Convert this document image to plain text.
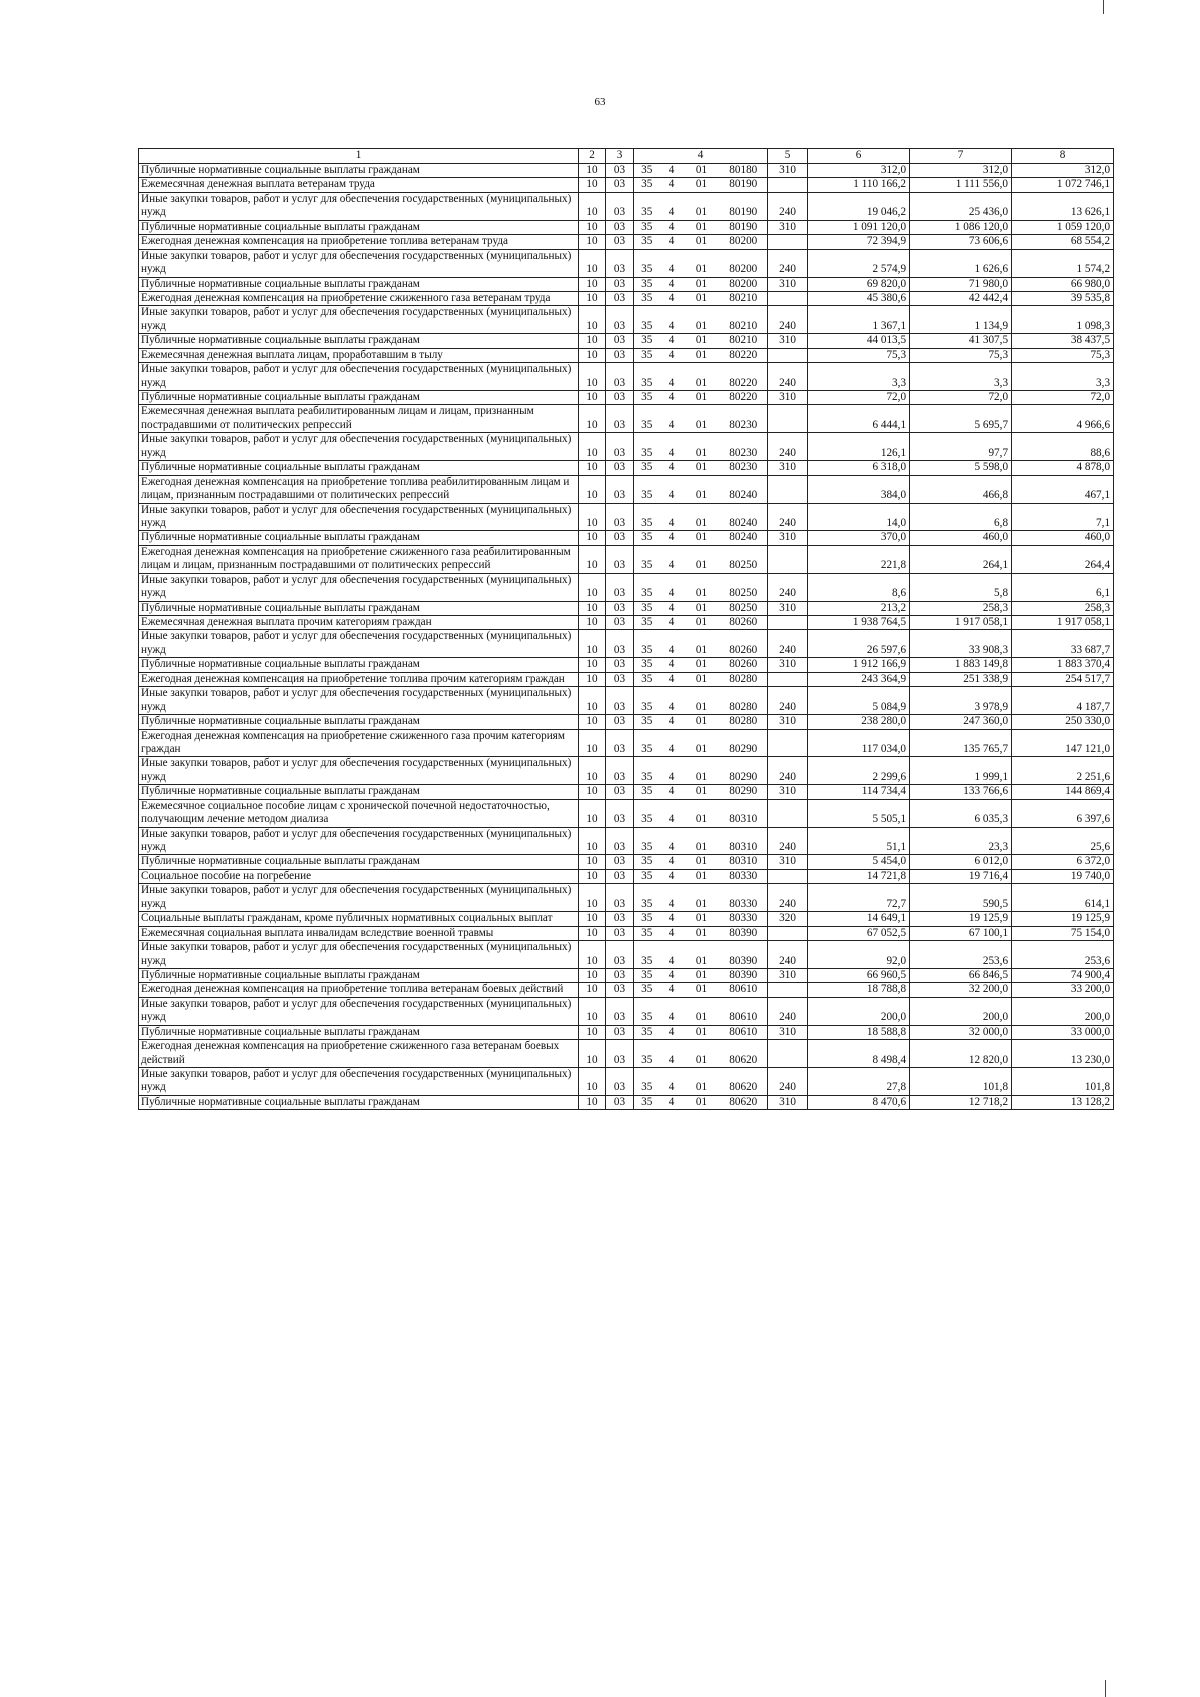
63
1	2	3	4				5	6	7	8
Публичные нормативные социальные выплаты гражданам	10	03	35	4	01	80180	310	312,0	312,0	312,0
Ежемесячная денежная выплата ветеранам труда	10	03	35	4	01	80190		1 110 166,2	1 111 556,0	1 072 746,1
Иные закупки товаров, работ и услуг для обеспечения государственных (муниципальных) нужд	10	03	35	4	01	80190	240	19 046,2	25 436,0	13 626,1
Публичные нормативные социальные выплаты гражданам	10	03	35	4	01	80190	310	1 091 120,0	1 086 120,0	1 059 120,0
Ежегодная денежная компенсация на приобретение топлива ветеранам труда	10	03	35	4	01	80200		72 394,9	73 606,6	68 554,2
Иные закупки товаров, работ и услуг для обеспечения государственных (муниципальных) нужд	10	03	35	4	01	80200	240	2 574,9	1 626,6	1 574,2
Публичные нормативные социальные выплаты гражданам	10	03	35	4	01	80200	310	69 820,0	71 980,0	66 980,0
Ежегодная денежная компенсация на приобретение сжиженного газа ветеранам труда	10	03	35	4	01	80210		45 380,6	42 442,4	39 535,8
Иные закупки товаров, работ и услуг для обеспечения государственных (муниципальных) нужд	10	03	35	4	01	80210	240	1 367,1	1 134,9	1 098,3
Публичные нормативные социальные выплаты гражданам	10	03	35	4	01	80210	310	44 013,5	41 307,5	38 437,5
Ежемесячная денежная выплата лицам, проработавшим в тылу	10	03	35	4	01	80220		75,3	75,3	75,3
Иные закупки товаров, работ и услуг для обеспечения государственных (муниципальных) нужд	10	03	35	4	01	80220	240	3,3	3,3	3,3
Публичные нормативные социальные выплаты гражданам	10	03	35	4	01	80220	310	72,0	72,0	72,0
Ежемесячная денежная выплата реабилитированным лицам и лицам, признанным пострадавшими от политических репрессий	10	03	35	4	01	80230		6 444,1	5 695,7	4 966,6
Иные закупки товаров, работ и услуг для обеспечения государственных (муниципальных) нужд	10	03	35	4	01	80230	240	126,1	97,7	88,6
Публичные нормативные социальные выплаты гражданам	10	03	35	4	01	80230	310	6 318,0	5 598,0	4 878,0
Ежегодная денежная компенсация на приобретение топлива реабилитированным лицам и лицам, признанным пострадавшими от политических репрессий	10	03	35	4	01	80240		384,0	466,8	467,1
Иные закупки товаров, работ и услуг для обеспечения государственных (муниципальных) нужд	10	03	35	4	01	80240	240	14,0	6,8	7,1
Публичные нормативные социальные выплаты гражданам	10	03	35	4	01	80240	310	370,0	460,0	460,0
Ежегодная денежная компенсация на приобретение сжиженного газа реабилитированным лицам и лицам, признанным пострадавшими от политических репрессий	10	03	35	4	01	80250		221,8	264,1	264,4
Иные закупки товаров, работ и услуг для обеспечения государственных (муниципальных) нужд	10	03	35	4	01	80250	240	8,6	5,8	6,1
Публичные нормативные социальные выплаты гражданам	10	03	35	4	01	80250	310	213,2	258,3	258,3
Ежемесячная денежная выплата прочим категориям граждан	10	03	35	4	01	80260		1 938 764,5	1 917 058,1	1 917 058,1
Иные закупки товаров, работ и услуг для обеспечения государственных (муниципальных) нужд	10	03	35	4	01	80260	240	26 597,6	33 908,3	33 687,7
Публичные нормативные социальные выплаты гражданам	10	03	35	4	01	80260	310	1 912 166,9	1 883 149,8	1 883 370,4
Ежегодная денежная компенсация на приобретение топлива прочим категориям граждан	10	03	35	4	01	80280		243 364,9	251 338,9	254 517,7
Иные закупки товаров, работ и услуг для обеспечения государственных (муниципальных) нужд	10	03	35	4	01	80280	240	5 084,9	3 978,9	4 187,7
Публичные нормативные социальные выплаты гражданам	10	03	35	4	01	80280	310	238 280,0	247 360,0	250 330,0
Ежегодная денежная компенсация на приобретение сжиженного газа прочим категориям граждан	10	03	35	4	01	80290		117 034,0	135 765,7	147 121,0
Иные закупки товаров, работ и услуг для обеспечения государственных (муниципальных) нужд	10	03	35	4	01	80290	240	2 299,6	1 999,1	2 251,6
Публичные нормативные социальные выплаты гражданам	10	03	35	4	01	80290	310	114 734,4	133 766,6	144 869,4
Ежемесячное социальное пособие лицам с хронической почечной недостаточностью, получающим лечение методом диализа	10	03	35	4	01	80310		5 505,1	6 035,3	6 397,6
Иные закупки товаров, работ и услуг для обеспечения государственных (муниципальных) нужд	10	03	35	4	01	80310	240	51,1	23,3	25,6
Публичные нормативные социальные выплаты гражданам	10	03	35	4	01	80310	310	5 454,0	6 012,0	6 372,0
Социальное пособие на погребение	10	03	35	4	01	80330		14 721,8	19 716,4	19 740,0
Иные закупки товаров, работ и услуг для обеспечения государственных (муниципальных) нужд	10	03	35	4	01	80330	240	72,7	590,5	614,1
Социальные выплаты гражданам, кроме публичных нормативных социальных выплат	10	03	35	4	01	80330	320	14 649,1	19 125,9	19 125,9
Ежемесячная социальная выплата инвалидам вследствие военной травмы	10	03	35	4	01	80390		67 052,5	67 100,1	75 154,0
Иные закупки товаров, работ и услуг для обеспечения государственных (муниципальных) нужд	10	03	35	4	01	80390	240	92,0	253,6	253,6
Публичные нормативные социальные выплаты гражданам	10	03	35	4	01	80390	310	66 960,5	66 846,5	74 900,4
Ежегодная денежная компенсация на приобретение топлива ветеранам боевых действий	10	03	35	4	01	80610		18 788,8	32 200,0	33 200,0
Иные закупки товаров, работ и услуг для обеспечения государственных (муниципальных) нужд	10	03	35	4	01	80610	240	200,0	200,0	200,0
Публичные нормативные социальные выплаты гражданам	10	03	35	4	01	80610	310	18 588,8	32 000,0	33 000,0
Ежегодная денежная компенсация на приобретение сжиженного газа ветеранам боевых действий	10	03	35	4	01	80620		8 498,4	12 820,0	13 230,0
Иные закупки товаров, работ и услуг для обеспечения государственных (муниципальных) нужд	10	03	35	4	01	80620	240	27,8	101,8	101,8
Публичные нормативные социальные выплаты гражданам	10	03	35	4	01	80620	310	8 470,6	12 718,2	13 128,2
